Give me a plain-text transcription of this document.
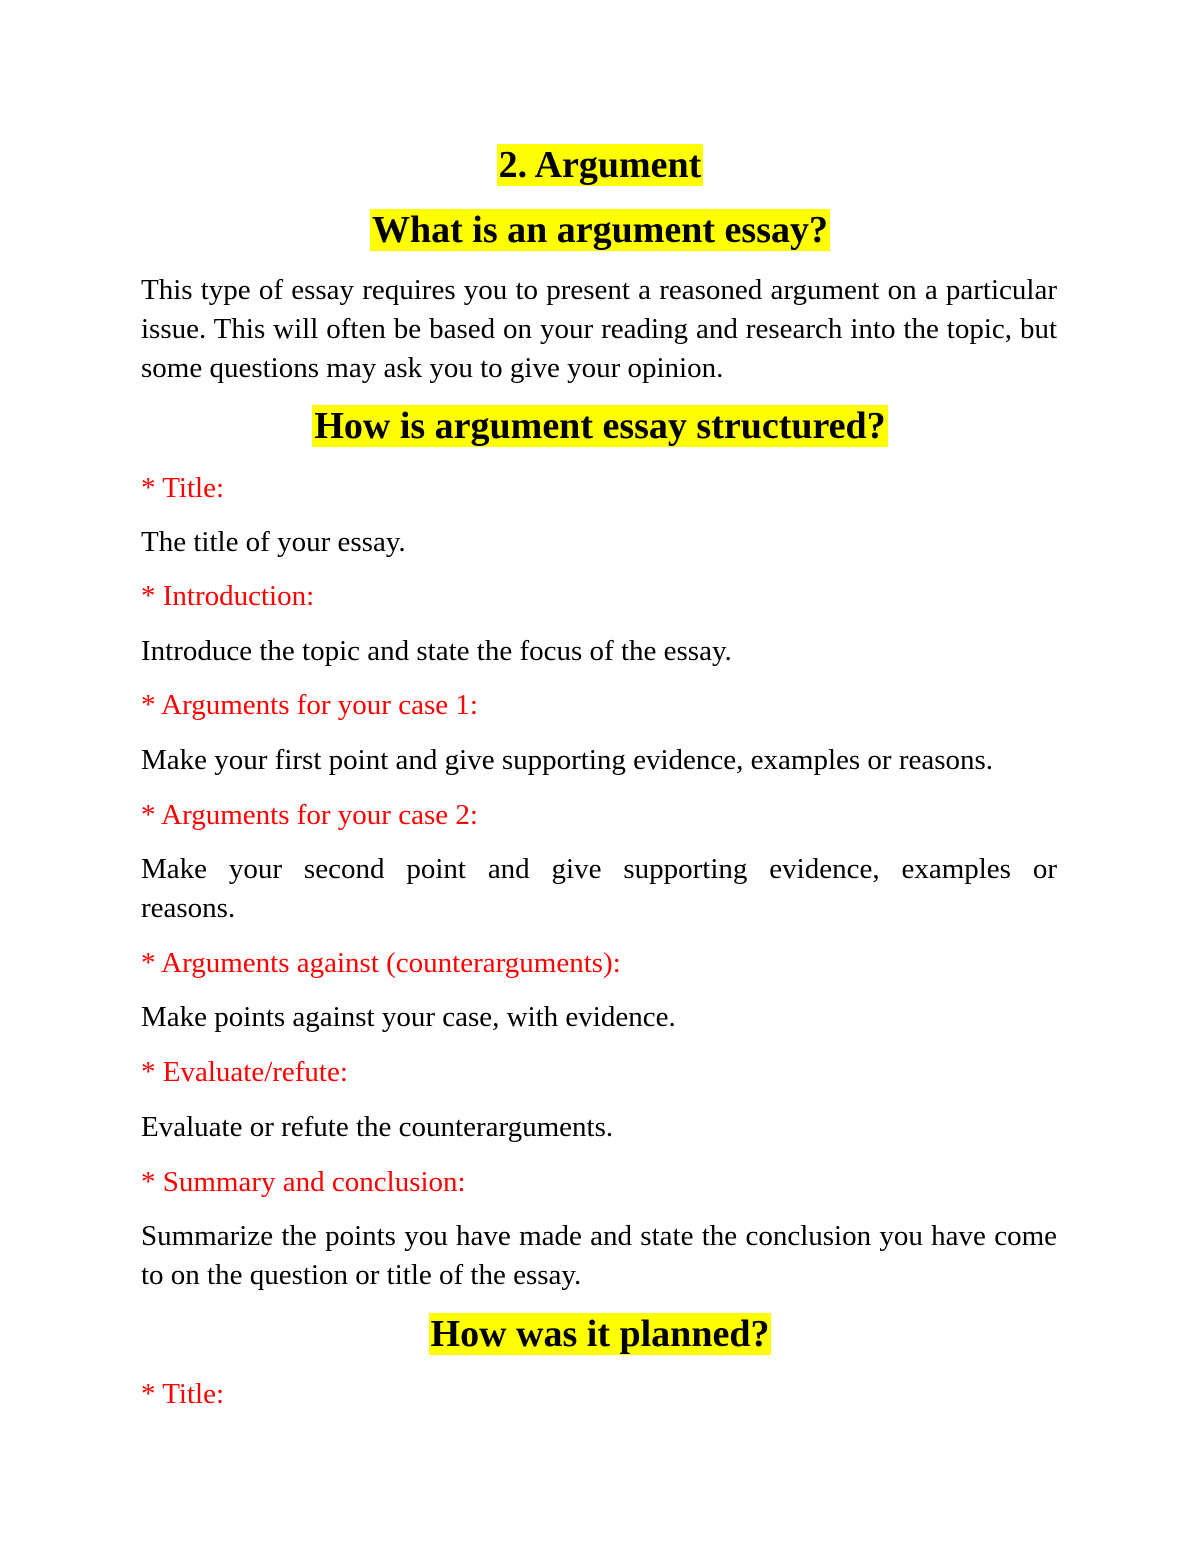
2. Argument
What is an argument essay?
This type of essay requires you to present a reasoned argument on a particular issue. This will often be based on your reading and research into the topic, but some questions may ask you to give your opinion.
How is argument essay structured?
* Title:
The title of your essay.
* Introduction:
Introduce the topic and state the focus of the essay.
* Arguments for your case 1:
Make your first point and give supporting evidence, examples or reasons.
* Arguments for your case 2:
Make your second point and give supporting evidence, examples or reasons.
* Arguments against (counterarguments):
Make points against your case, with evidence.
* Evaluate/refute:
Evaluate or refute the counterarguments.
* Summary and conclusion:
Summarize the points you have made and state the conclusion you have come to on the question or title of the essay.
How was it planned?
* Title:
